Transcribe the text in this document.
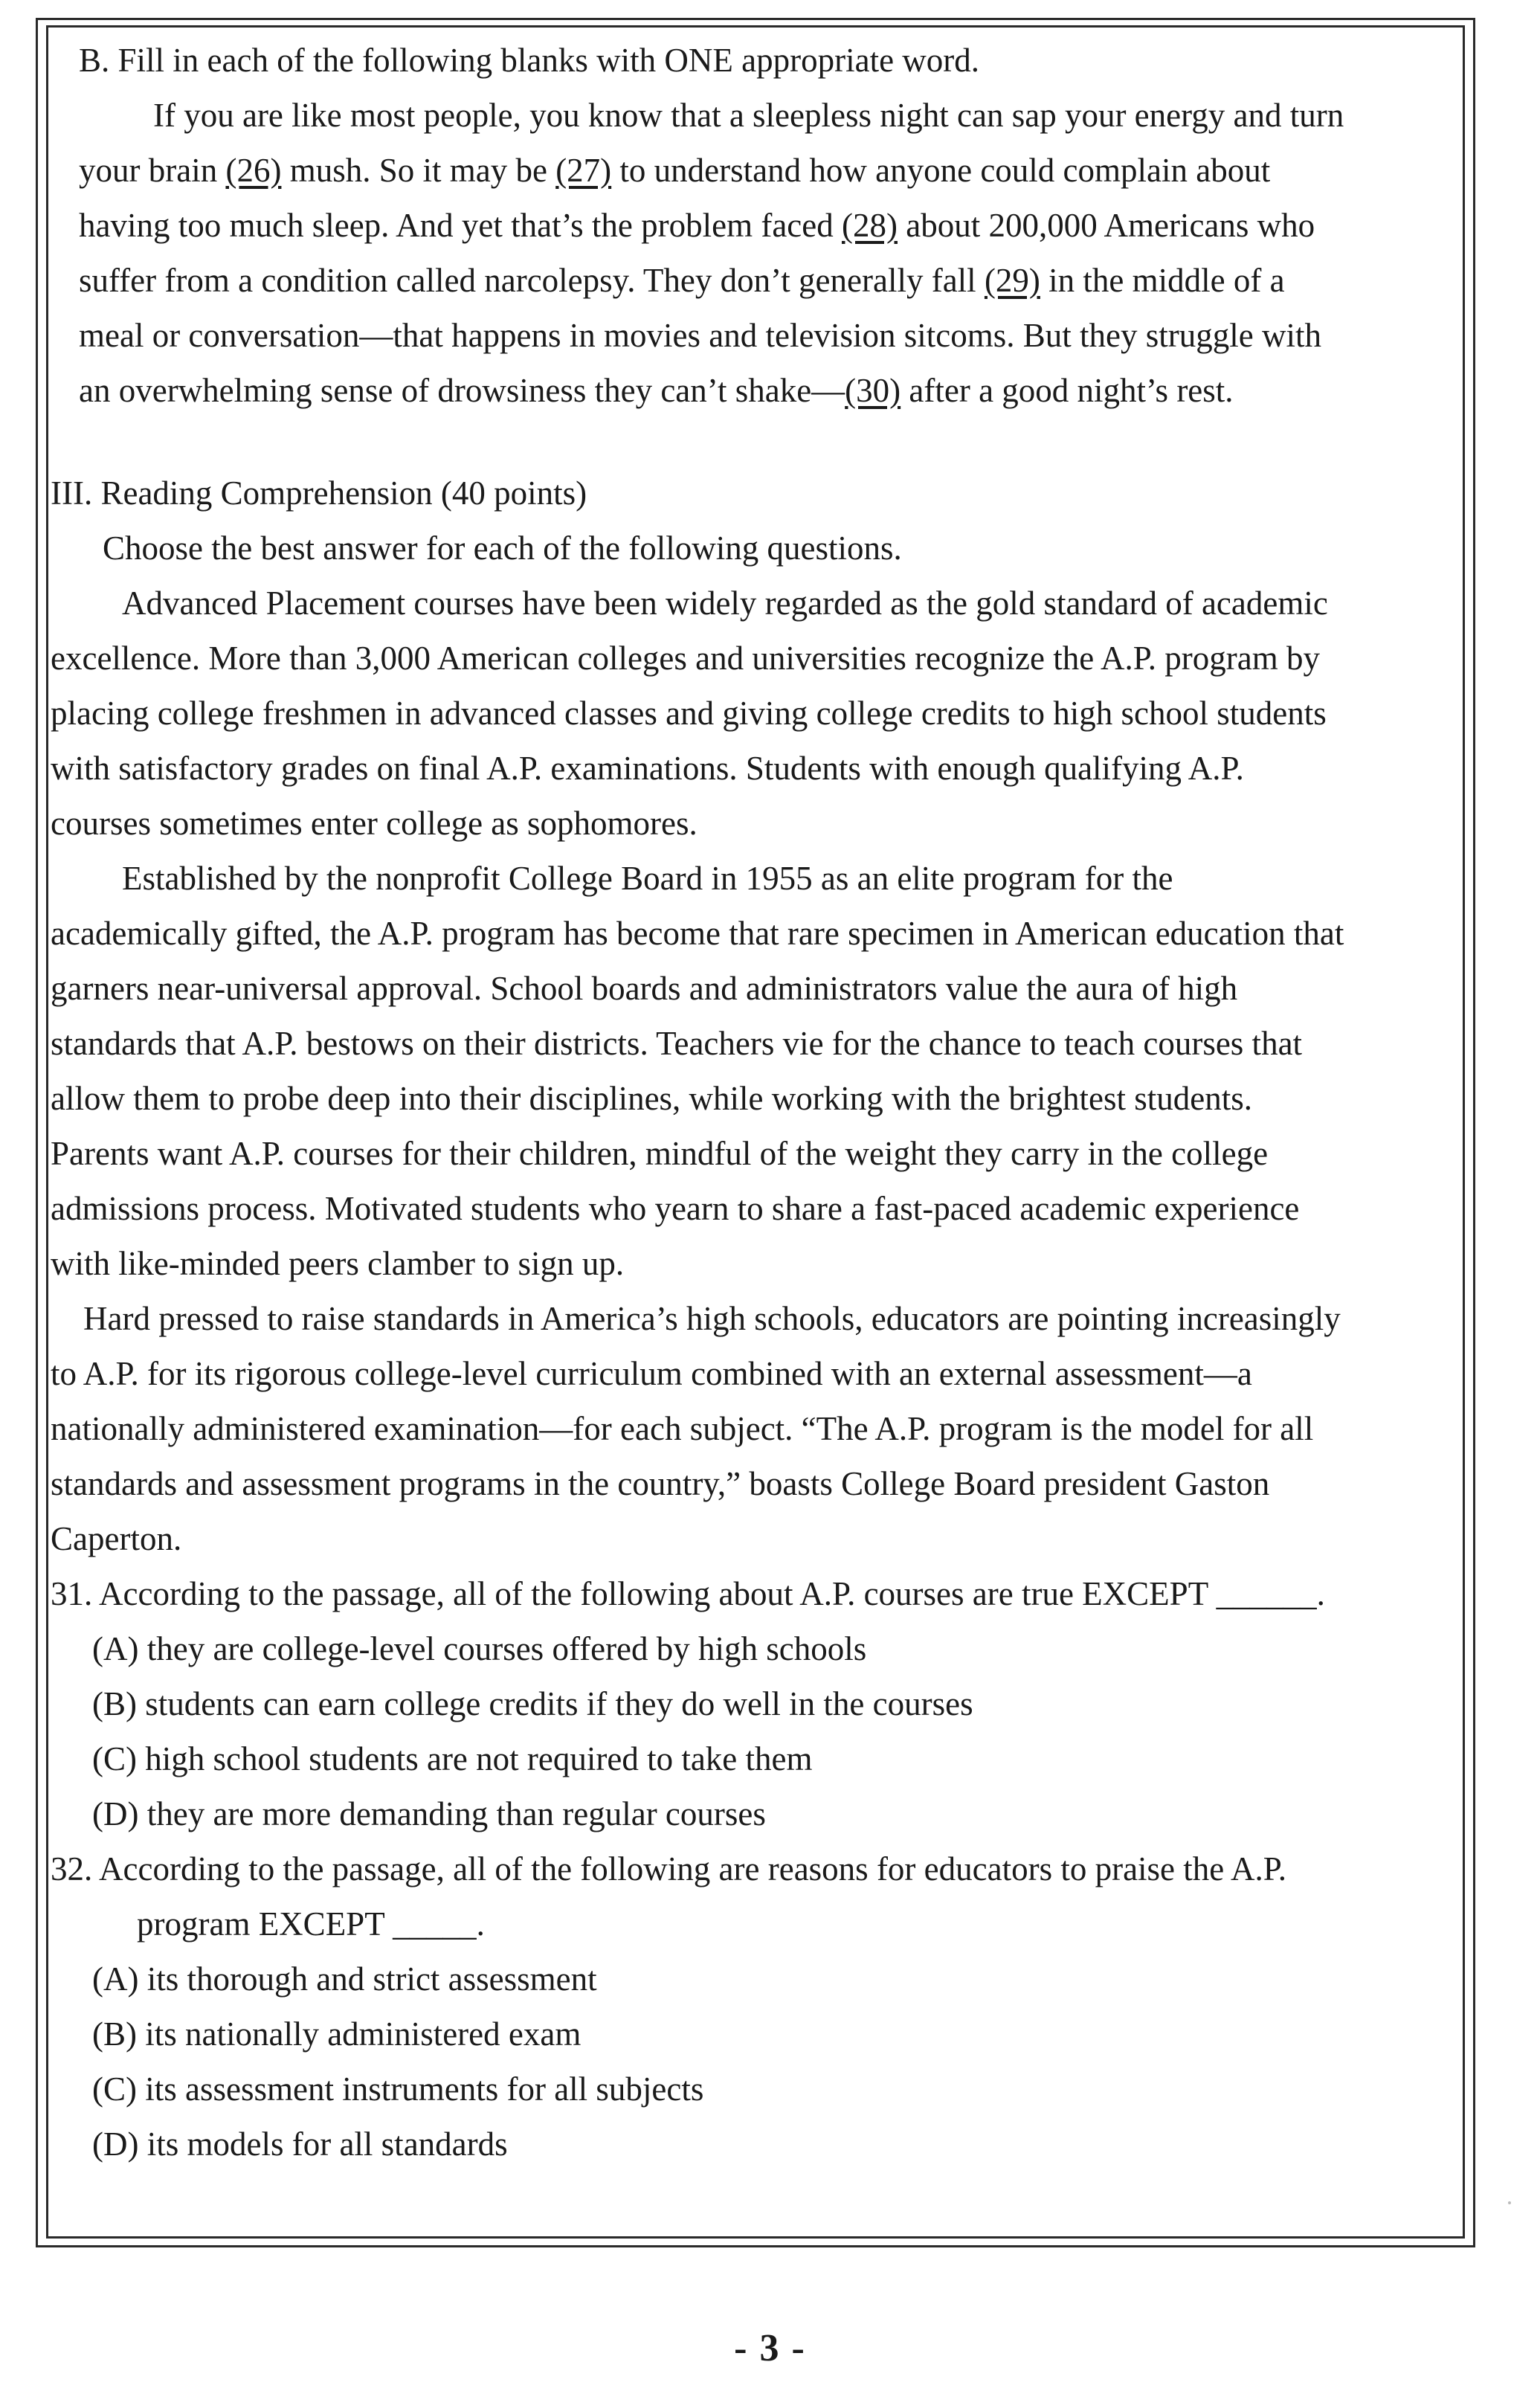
B. Fill in each of the following blanks with ONE appropriate word.
If you are like most people, you know that a sleepless night can sap your energy and turn
your brain (26) mush. So it may be (27) to understand how anyone could complain about
having too much sleep. And yet that’s the problem faced (28) about 200,000 Americans who
suffer from a condition called narcolepsy. They don’t generally fall (29) in the middle of a
meal or conversation—that happens in movies and television sitcoms. But they struggle with
an overwhelming sense of drowsiness they can’t shake—(30) after a good night’s rest.
III. Reading Comprehension (40 points)
Choose the best answer for each of the following questions.
Advanced Placement courses have been widely regarded as the gold standard of academic
excellence. More than 3,000 American colleges and universities recognize the A.P. program by
placing college freshmen in advanced classes and giving college credits to high school students
with satisfactory grades on final A.P. examinations. Students with enough qualifying A.P.
courses sometimes enter college as sophomores.
Established by the nonprofit College Board in 1955 as an elite program for the
academically gifted, the A.P. program has become that rare specimen in American education that
garners near-universal approval. School boards and administrators value the aura of high
standards that A.P. bestows on their districts. Teachers vie for the chance to teach courses that
allow them to probe deep into their disciplines, while working with the brightest students.
Parents want A.P. courses for their children, mindful of the weight they carry in the college
admissions process. Motivated students who yearn to share a fast-paced academic experience
with like-minded peers clamber to sign up.
Hard pressed to raise standards in America’s high schools, educators are pointing increasingly
to A.P. for its rigorous college-level curriculum combined with an external assessment—a
nationally administered examination—for each subject. “The A.P. program is the model for all
standards and assessment programs in the country,” boasts College Board president Gaston
Caperton.
31. According to the passage, all of the following about A.P. courses are true EXCEPT ______.
(A) they are college-level courses offered by high schools
(B) students can earn college credits if they do well in the courses
(C) high school students are not required to take them
(D) they are more demanding than regular courses
32. According to the passage, all of the following are reasons for educators to praise the A.P.
program EXCEPT _____.
(A) its thorough and strict assessment
(B) its nationally administered exam
(C) its assessment instruments for all subjects
(D) its models for all standards
- 3 -
